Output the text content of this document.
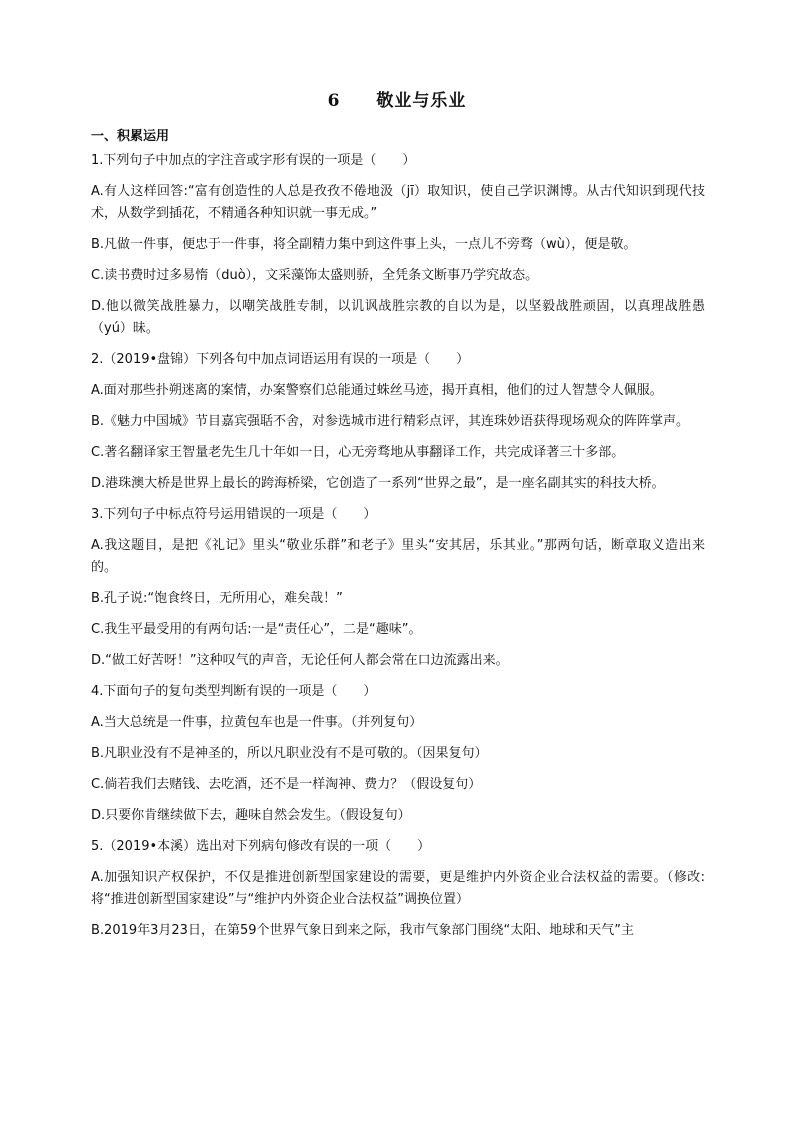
6 敬业与乐业
一、积累运用

1.下列句子中加点的字注音或字形有误的一项是（　　）

A.有人这样回答:“富有创造性的人总是孜孜不倦地汲（jī）取知识，使自己学识渊博。从古代知识到现代技术，从数学到插花，不精通各种知识就一事无成。”

B.凡做一件事，便忠于一件事，将全副精力集中到这件事上头，一点儿不旁骛（wù），便是敬。

C.读书费时过多易惰（duò），文采藻饰太盛则骄，全凭条文断事乃学究故态。

D.他以微笑战胜暴力，以嘲笑战胜专制，以讥讽战胜宗教的自以为是，以坚毅战胜顽固，以真理战胜愚（yú）昧。

2.（2019•盘锦）下列各句中加点词语运用有误的一项是（　　）

A.面对那些扑朔迷离的案情，办案警察们总能通过蛛丝马迹，揭开真相，他们的过人智慧令人佩服。

B.《魅力中国城》节目嘉宾强聒不舍，对参选城市进行精彩点评，其连珠妙语获得现场观众的阵阵掌声。

C.著名翻译家王智量老先生几十年如一日，心无旁骛地从事翻译工作，共完成译著三十多部。

D.港珠澳大桥是世界上最长的跨海桥梁，它创造了一系列“世界之最”，是一座名副其实的科技大桥。

3.下列句子中标点符号运用错误的一项是（　　）

A.我这题目，是把《礼记》里头“敬业乐群”和老子》里头“安其居，乐其业。”那两句话，断章取义造出来的。

B.孔子说:“饱食终日，无所用心，难矣哉！”

C.我生平最受用的有两句话:一是“责任心”，二是“趣味”。

D.“做工好苦呀！”这种叹气的声音，无论任何人都会常在口边流露出来。

4.下面句子的复句类型判断有误的一项是（　　）

A.当大总统是一件事，拉黄包车也是一件事。（并列复句）

B.凡职业没有不是神圣的，所以凡职业没有不是可敬的。（因果复句）

C.倘若我们去赌钱、去吃酒，还不是一样淘神、费力？（假设复句）

D.只要你肯继续做下去，趣味自然会发生。（假设复句）

5.（2019•本溪）选出对下列病句修改有误的一项（　　）

A.加强知识产权保护，不仅是推进创新型国家建设的需要，更是维护内外资企业合法权益的需要。（修改:将“推进创新型国家建设”与“维护内外资企业合法权益”调换位置）

B.2019年3月23日，在第59个世界气象日到来之际，我市气象部门围绕“太阳、地球和天气”主
